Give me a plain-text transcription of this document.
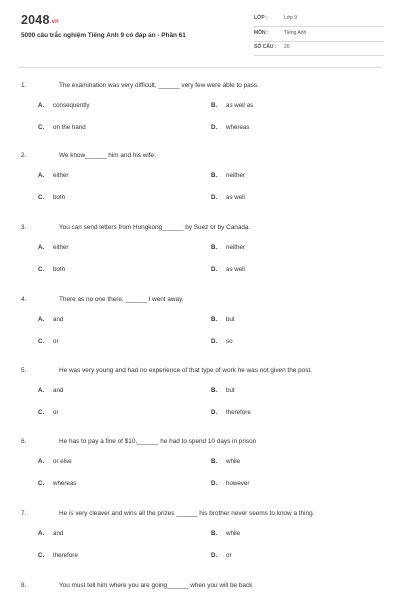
2048.vn
5000 câu trắc nghiệm Tiếng Anh 9 có đáp án - Phần 61
LỚP :	Lớp 9
MÔN :	Tiếng Anh
SỐ CÂU : 20
1.	The examination was very difficult, ______ very few were able to pass.
A. consequently	B. as well as
C. on the hand	D. whereas
2.	We know______ him and his wife.
A. either	B. neither
C. both	D. as well
3.	You can send letters from Hongkong______ by Suez or by Canada.
A. either	B. neither
C. both	D. as well
4.	There as no one there; ______ I went away.
A. and	B. but
C. or	D. so
5.	He was very young and had no experience of that type of work he was not given the post.
A. and	B. but
C. or	D. therefore
6.	He has to pay a fine of $10,______ he had to spend 10 days in prison
A. or else	B. while
C. whereas	D. however
7.	He is very cleaver and wins all the prizes ______ his brother never seems to know a thing.
A. and	B. while
C. therefore	D. or
8.	You must tell him where you are going______ when you will be back
